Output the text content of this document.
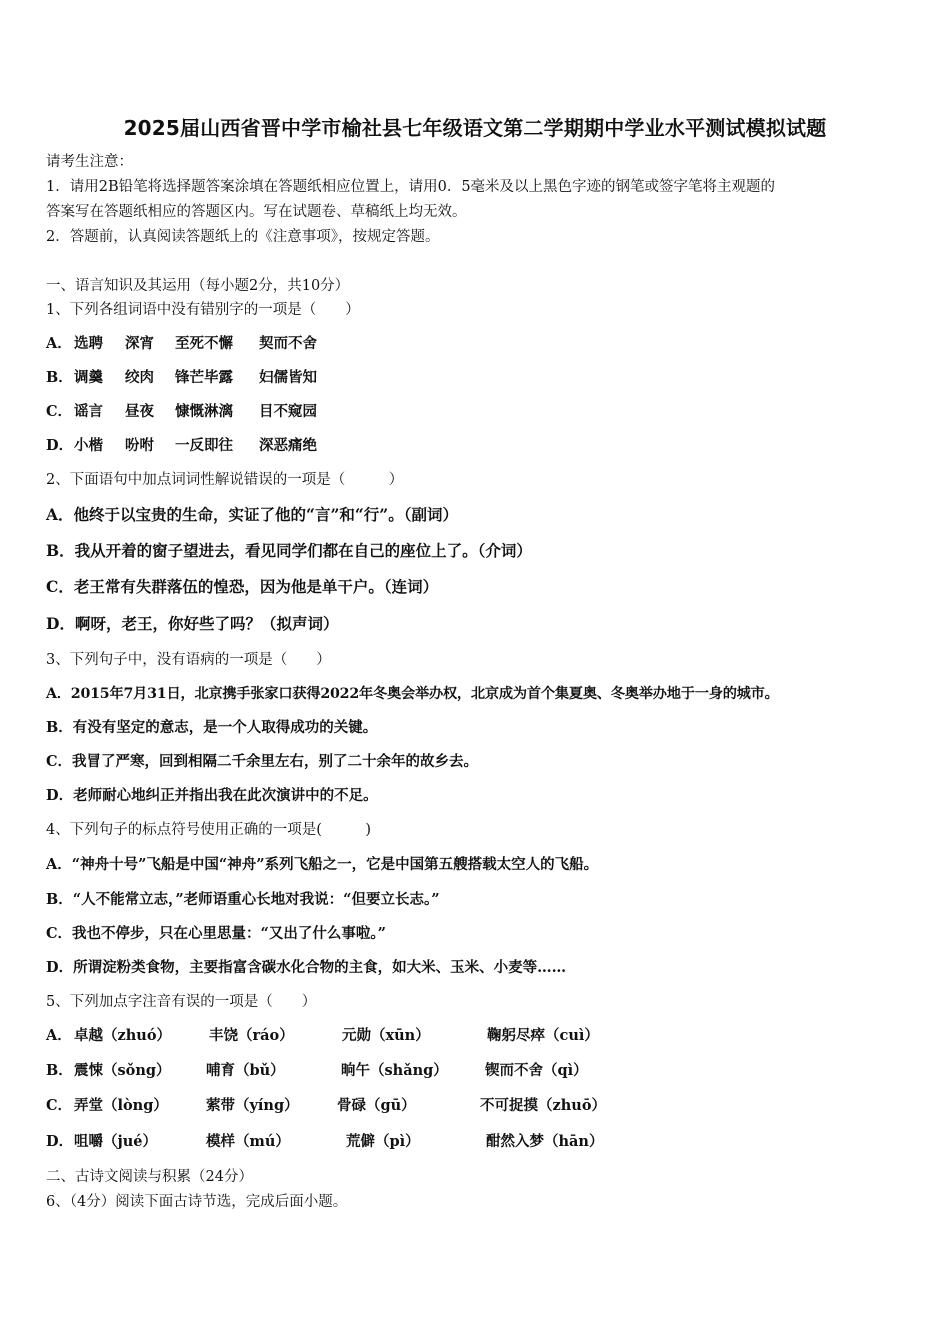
2025届山西省晋中学市榆社县七年级语文第二学期期中学业水平测试模拟试题
请考生注意：
1．请用2B铅笔将选择题答案涂填在答题纸相应位置上，请用0．5毫米及以上黑色字迹的钢笔或签字笔将主观题的
答案写在答题纸相应的答题区内。写在试题卷、草稿纸上均无效。
2．答题前，认真阅读答题纸上的《注意事项》，按规定答题。
一、语言知识及其运用（每小题2分，共10分）
1、下列各组词语中没有错别字的一项是（　　）
A． 选聘 深宵 至死不懈 契而不舍
B． 调羹 绞肉 锋芒毕露 妇儒皆知
C． 谣言 昼夜 慷慨淋漓 目不窥园
D． 小楷 吩咐 一反即往 深恶痛绝
2、下面语句中加点词词性解说错误的一项是（　　　）
A．他终于以宝贵的生命，实证了他的“言”和“行”。（副词）
B．我从开着的窗子望进去，看见同学们都在自己的座位上了。（介词）
C．老王常有失群落伍的惶恐，因为他是单干户。（连词）
D．啊呀，老王，你好些了吗？（拟声词）
3、下列句子中，没有语病的一项是（　　）
A．2015年7月31日，北京携手张家口获得2022年冬奥会举办权，北京成为首个集夏奥、冬奥举办地于一身的城市。
B．有没有坚定的意志，是一个人取得成功的关键。
C．我冒了严寒，回到相隔二千余里左右，别了二十余年的故乡去。
D．老师耐心地纠正并指出我在此次演讲中的不足。
4、下列句子的标点符号使用正确的一项是(　　　)
A．“神舟十号”飞船是中国“神舟”系列飞船之一，它是中国第五艘搭载太空人的飞船。
B．“人不能常立志，”老师语重心长地对我说：“但要立长志。”
C．我也不停步，只在心里思量：“又出了什么事啦。”
D．所谓淀粉类食物，主要指富含碳水化合物的主食，如大米、玉米、小麦等……
5、下列加点字注音有误的一项是（　　）
A． 卓越（zhuó）	丰饶（ráo）	元勋（xūn）	鞠躬尽瘁（cuì）
B． 震悚（sǒng） 哺育（bǔ）	晌午（shǎng）	锲而不舍（qì）
C． 弄堂（lòng）	萦带（yíng）	骨碌（gū）	不可捉摸（zhuō）
D． 咀嚼（jué）	模样（mú）	荒僻（pì）	酣然入梦（hān）
二、古诗文阅读与积累（24分）
6、（4分）阅读下面古诗节选，完成后面小题。
